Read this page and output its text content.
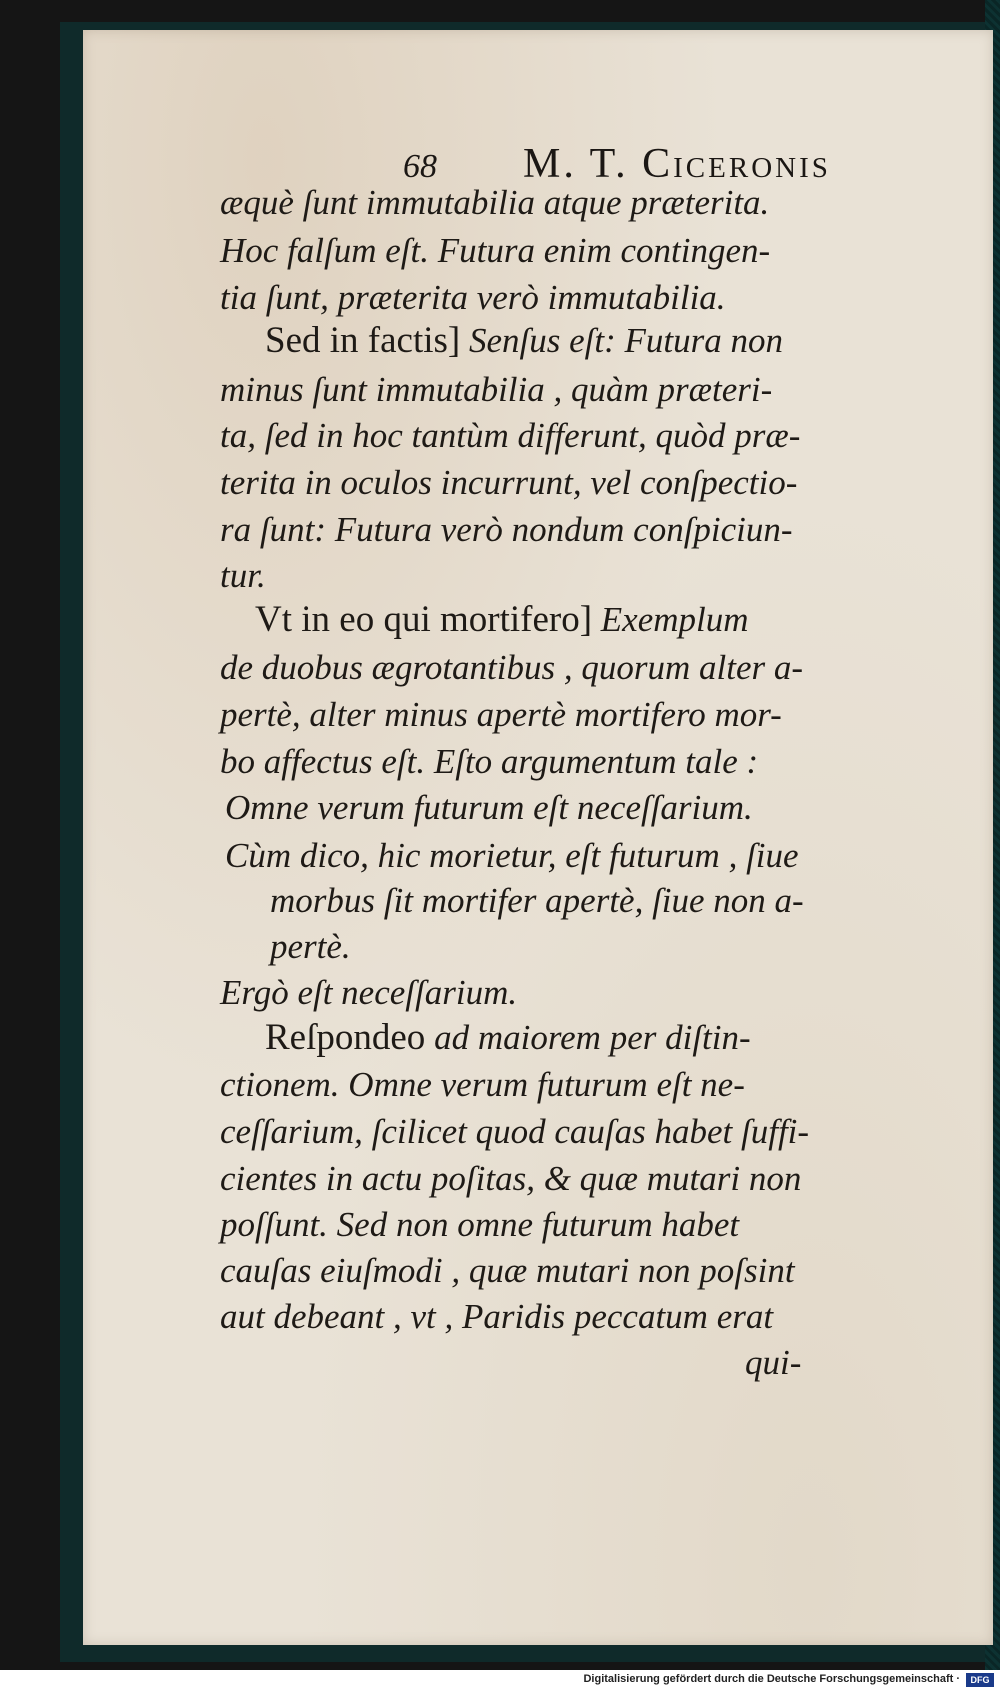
68 M. T. Ciceronis
æquè ſunt immutabilia atque præterita.
Hoc falſum eſt. Futura enim contingen-
tia ſunt, præterita verò immutabilia.
Sed in factis] Senſus eſt: Futura non
minus ſunt immutabilia , quàm præteri-
ta, ſed in hoc tantùm differunt, quòd præ-
terita in oculos incurrunt, vel conſpectio-
ra ſunt: Futura verò nondum conſpiciun-
tur.
Vt in eo qui mortifero] Exemplum
de duobus ægrotantibus , quorum alter a-
pertè, alter minus apertè mortifero mor-
bo affectus eſt. Eſto argumentum tale :
Omne verum futurum eſt neceſſarium.
Cùm dico, hic morietur, eſt futurum , ſiue
morbus ſit mortifer apertè, ſiue non a-
pertè.
Ergò eſt neceſſarium.
Reſpondeo ad maiorem per diſtin-
ctionem. Omne verum futurum eſt ne-
ceſſarium, ſcilicet quod cauſas habet ſuffi-
cientes in actu poſitas, & quæ mutari non
poſſunt. Sed non omne futurum habet
cauſas eiuſmodi , quæ mutari non poſsint
aut debeant , vt , Paridis peccatum erat
qui-
Digitalisierung gefördert durch die Deutsche Forschungsgemeinschaft ·	DFG
